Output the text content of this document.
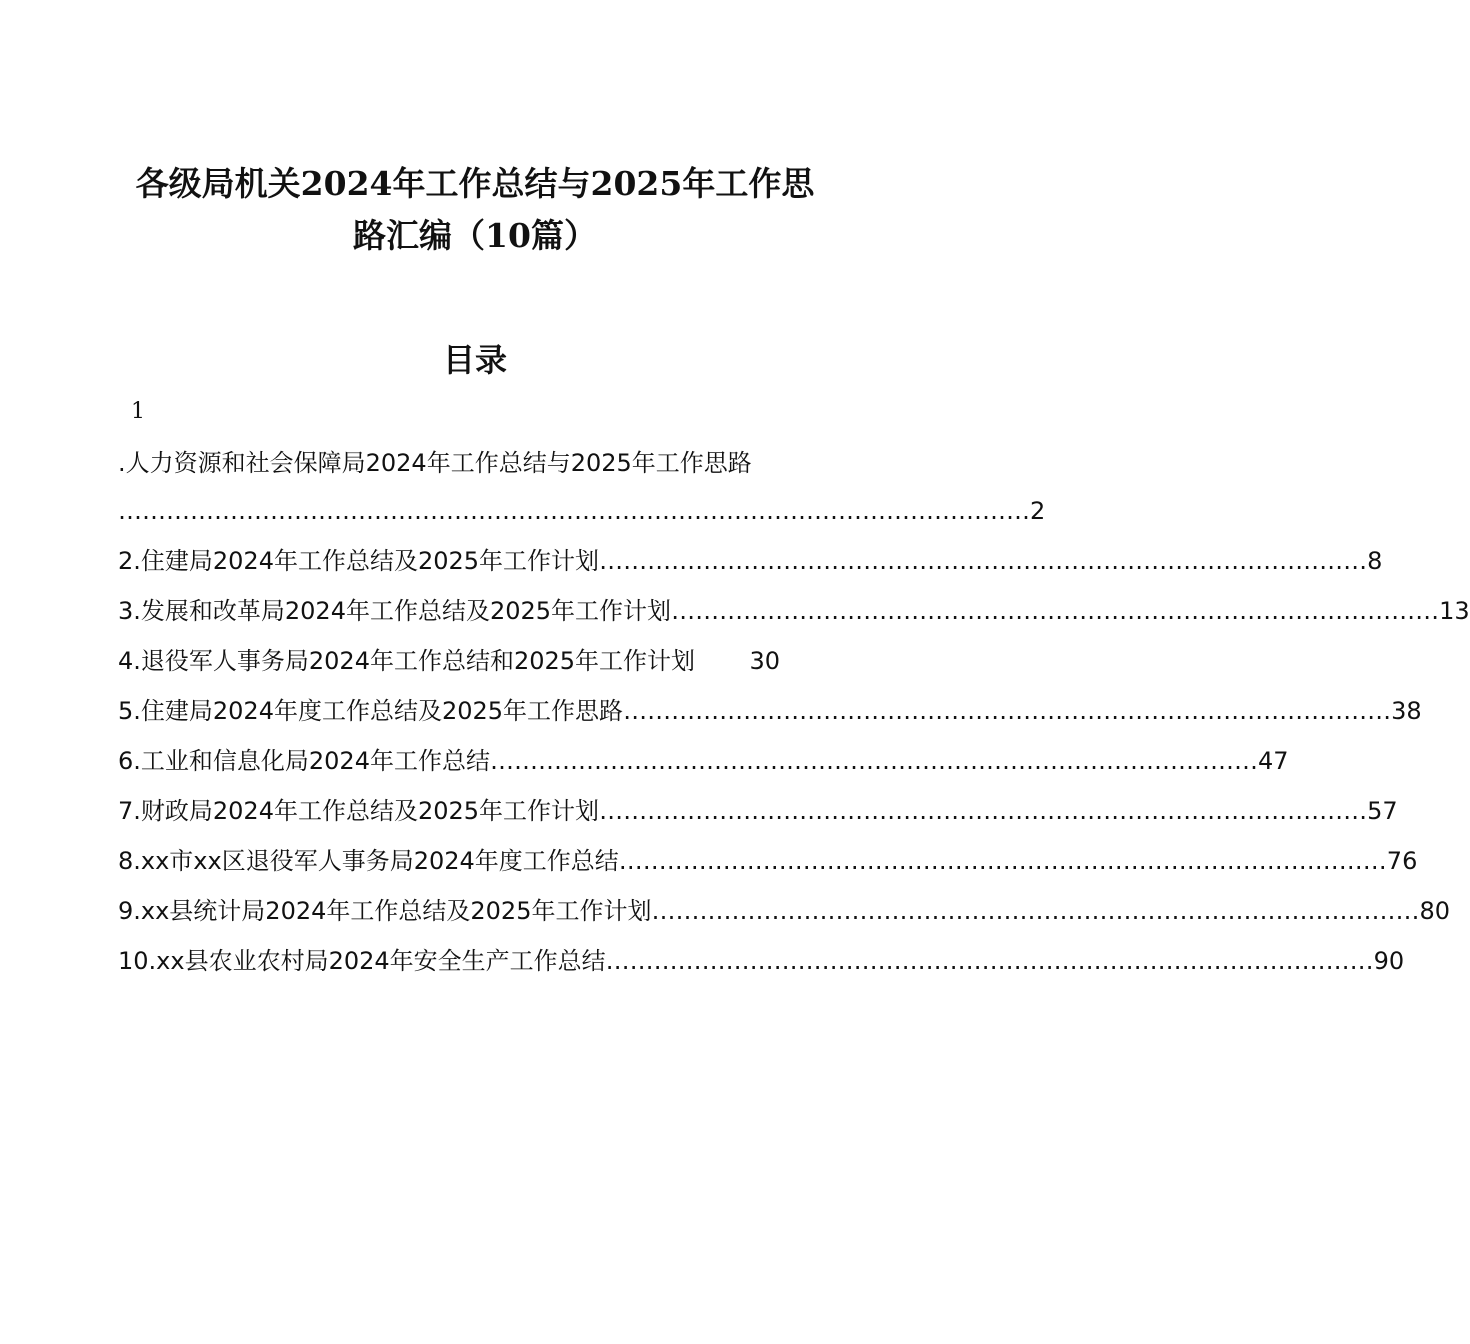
各级局机关2024年工作总结与2025年工作思
路汇编（10篇）
目录
1
.人力资源和社会保障局2024年工作总结与2025年工作思路
…………………………………………………………………………………………………… 2
2.住建局2024年工作总结及2025年工作计划 …………………………………………………………………………………… 8
3.发展和改革局2024年工作总结及2025年工作计划 …………………………………………………………………………………… 13
4.退役军人事务局2024年工作总结和2025年工作计划 30
5.住建局2024年度工作总结及2025年工作思路 …………………………………………………………………………………… 38
6.工业和信息化局2024年工作总结 …………………………………………………………………………………… 47
7.财政局2024年工作总结及2025年工作计划 …………………………………………………………………………………… 57
8.xx市xx区退役军人事务局2024年度工作总结 …………………………………………………………………………………… 76
9.xx县统计局2024年工作总结及2025年工作计划 …………………………………………………………………………………… 80
10.xx县农业农村局2024年安全生产工作总结 …………………………………………………………………………………… 90
